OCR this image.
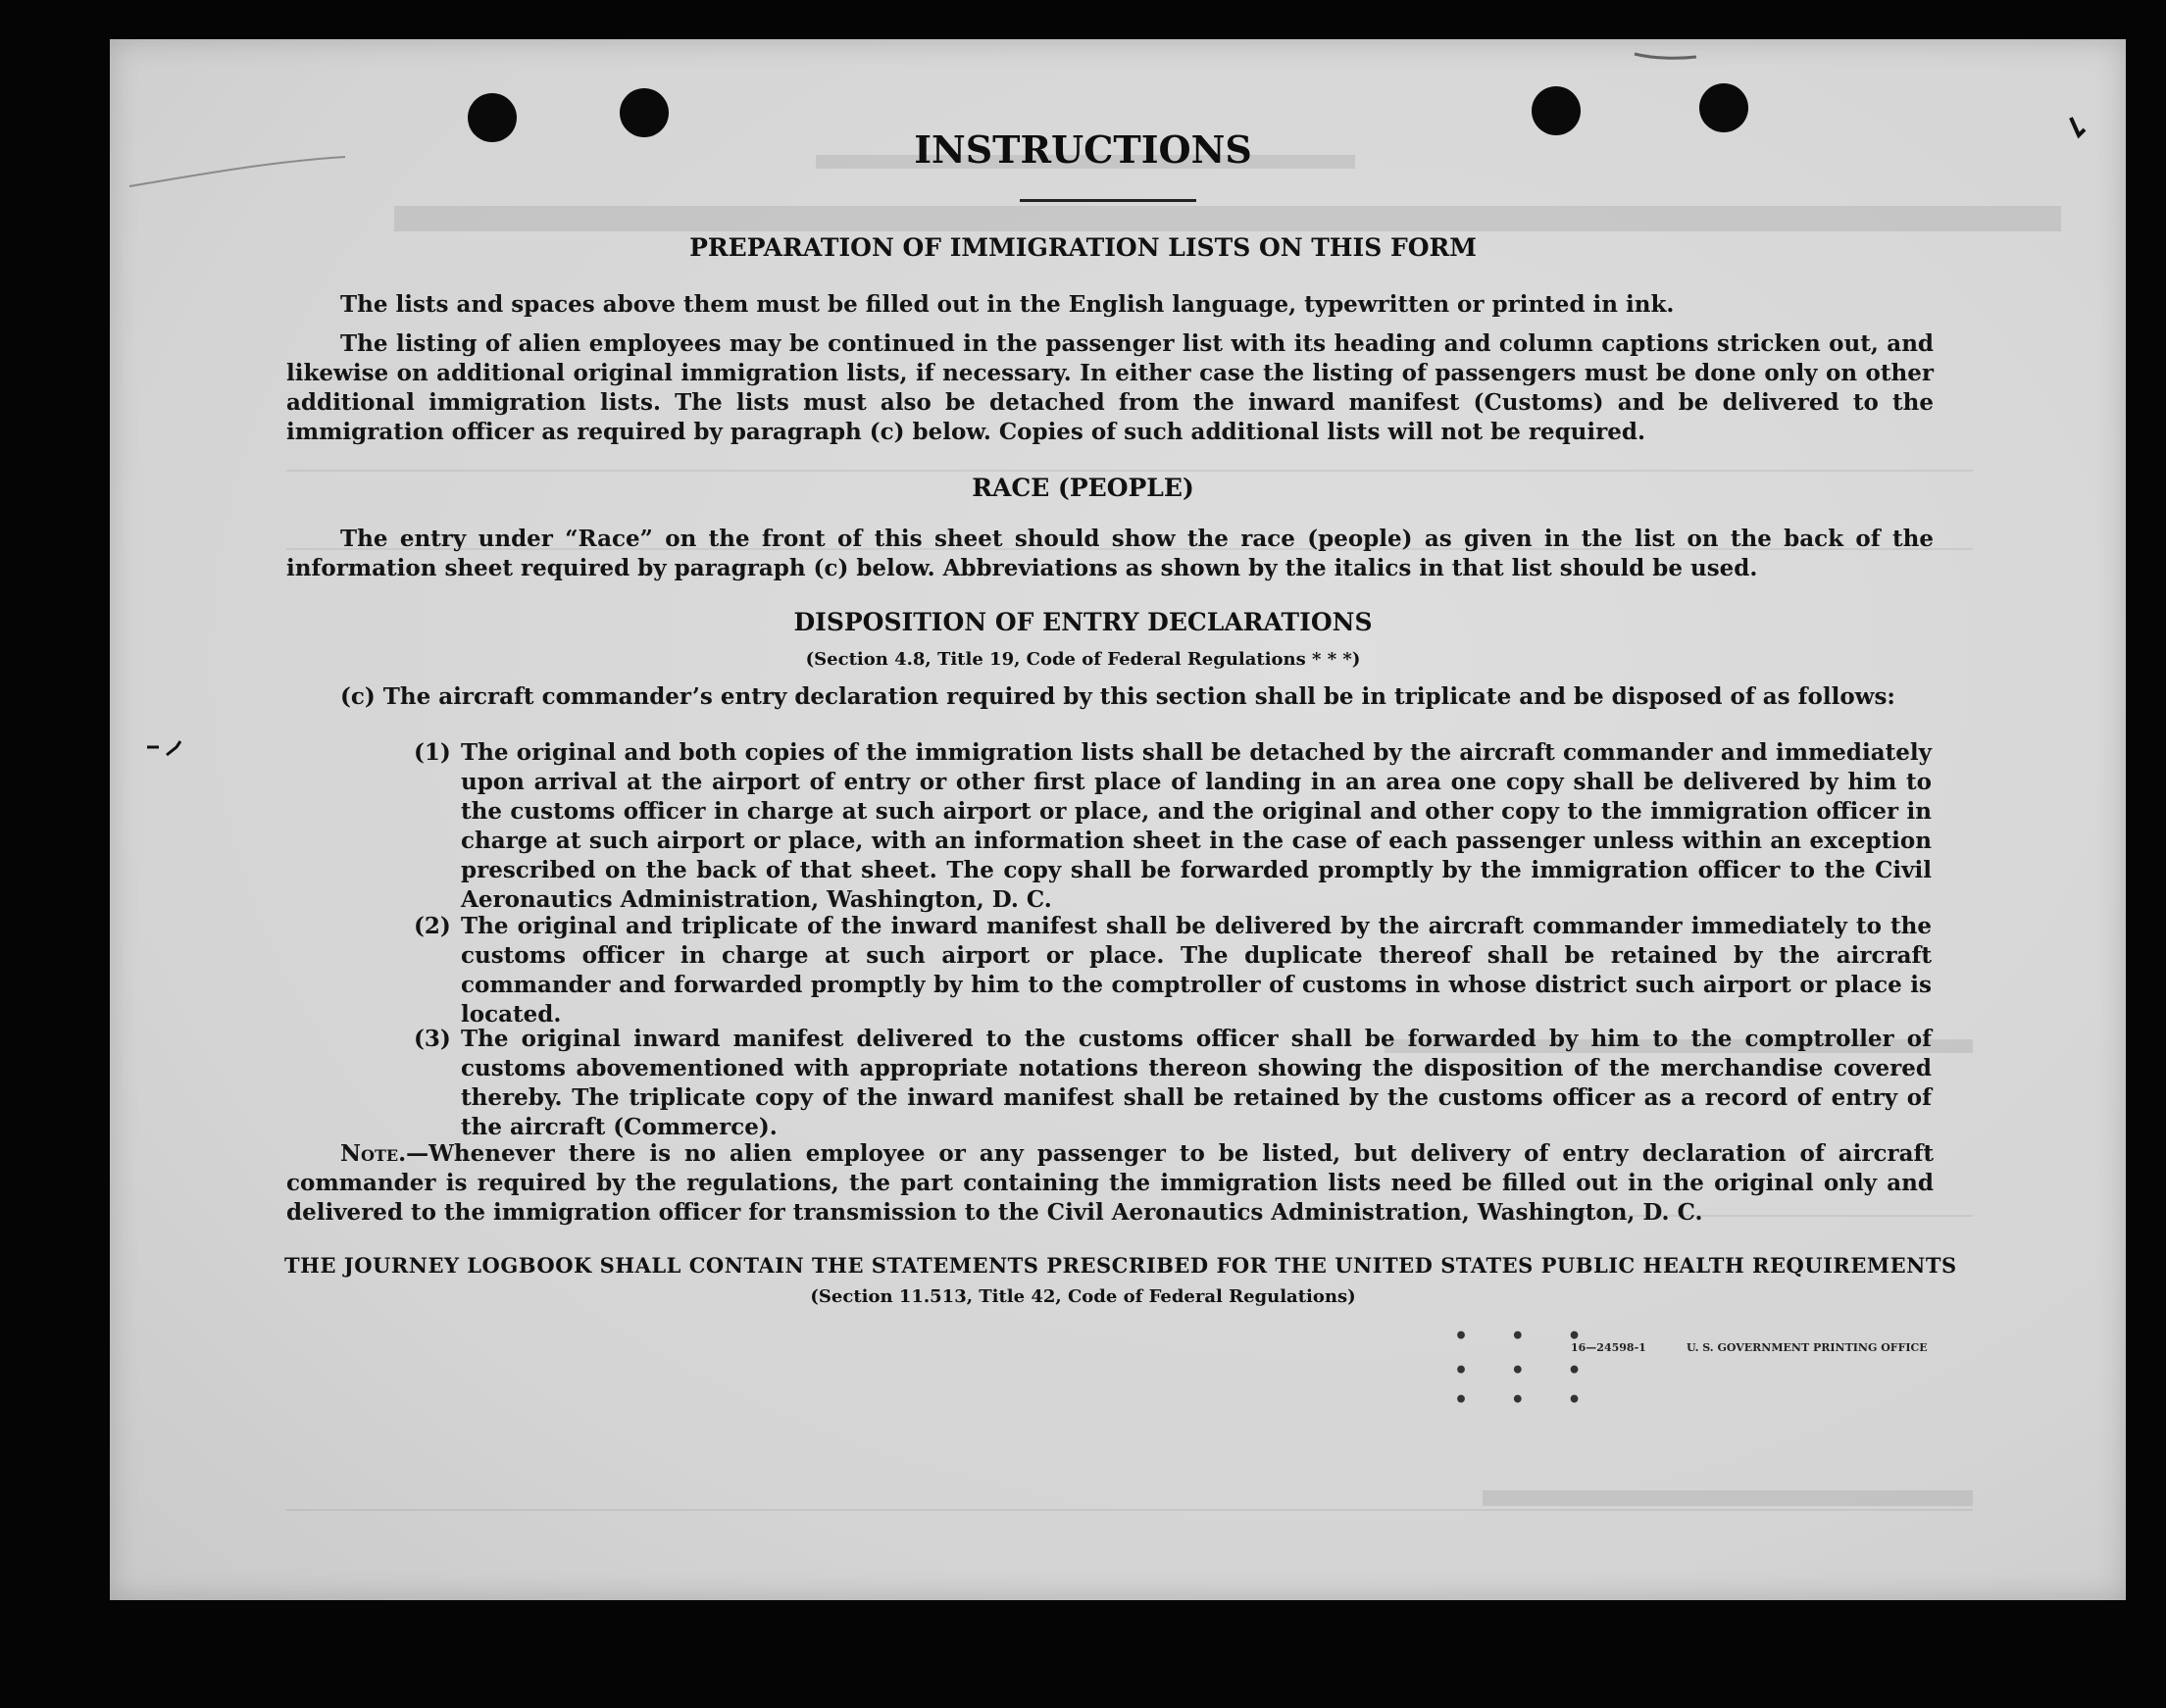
INSTRUCTIONS
PREPARATION OF IMMIGRATION LISTS ON THIS FORM
The lists and spaces above them must be filled out in the English language, typewritten or printed in ink.
The listing of alien employees may be continued in the passenger list with its heading and column captions stricken out, and likewise on additional original immigration lists, if necessary. In either case the listing of passengers must be done only on other additional immigration lists. The lists must also be detached from the inward manifest (Customs) and be delivered to the immigration officer as required by paragraph (c) below. Copies of such additional lists will not be required.
RACE (PEOPLE)
The entry under “Race” on the front of this sheet should show the race (people) as given in the list on the back of the information sheet required by paragraph (c) below. Abbreviations as shown by the italics in that list should be used.
DISPOSITION OF ENTRY DECLARATIONS
(Section 4.8, Title 19, Code of Federal Regulations * * *)
(c) The aircraft commander’s entry declaration required by this section shall be in triplicate and be disposed of as follows:
(1) The original and both copies of the immigration lists shall be detached by the aircraft commander and immediately upon arrival at the airport of entry or other first place of landing in an area one copy shall be delivered by him to the customs officer in charge at such airport or place, and the original and other copy to the immigration officer in charge at such airport or place, with an information sheet in the case of each passenger unless within an exception prescribed on the back of that sheet. The copy shall be forwarded promptly by the immigration officer to the Civil Aeronautics Administration, Washington, D. C.
(2) The original and triplicate of the inward manifest shall be delivered by the aircraft commander immediately to the customs officer in charge at such airport or place. The duplicate thereof shall be retained by the aircraft commander and forwarded promptly by him to the comptroller of customs in whose district such airport or place is located.
(3) The original inward manifest delivered to the customs officer shall be forwarded by him to the comptroller of customs abovementioned with appropriate notations thereon showing the disposition of the merchandise covered thereby. The triplicate copy of the inward manifest shall be retained by the customs officer as a record of entry of the aircraft (Commerce).
Note.—Whenever there is no alien employee or any passenger to be listed, but delivery of entry declaration of aircraft commander is required by the regulations, the part containing the immigration lists need be filled out in the original only and delivered to the immigration officer for transmission to the Civil Aeronautics Administration, Washington, D. C.
THE JOURNEY LOGBOOK SHALL CONTAIN THE STATEMENTS PRESCRIBED FOR THE UNITED STATES PUBLIC HEALTH REQUIREMENTS
(Section 11.513, Title 42, Code of Federal Regulations)
16—24598-1	U. S. GOVERNMENT PRINTING OFFICE
• • •
• • •
• • •
